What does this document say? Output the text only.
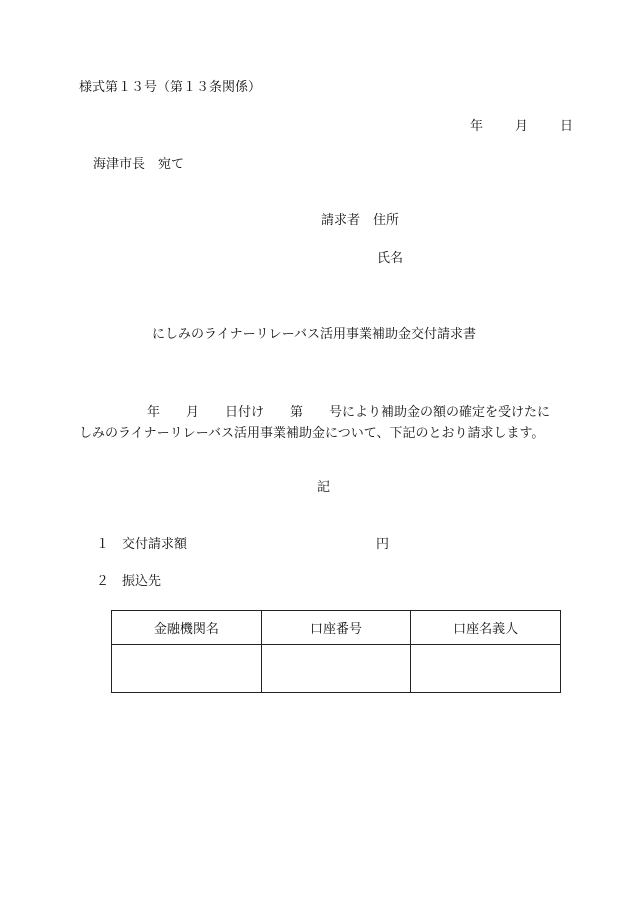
様式第１３号（第１３条関係）
年 月 日
海津市長　宛て
請求者　住所
氏名
にしみのライナーリレーバス活用事業補助金交付請求書
年　　月　　日付け　　第　　号により補助金の額の確定を受けたに
しみのライナーリレーバス活用事業補助金について、下記のとおり請求します。
記
１　交付請求額	円
２　振込先
金融機関名	口座番号	口座名義人
